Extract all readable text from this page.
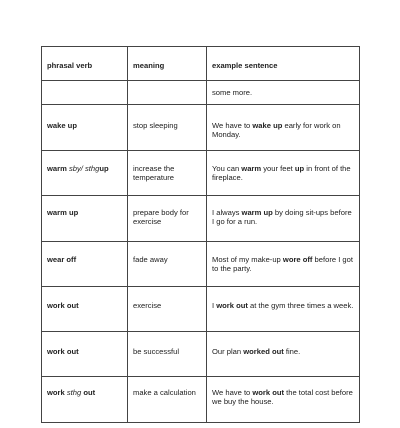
phrasal verb	meaning	example sentence
		some more.
wake up	stop sleeping	We have to wake up early for work on Monday.
warm sby/ sthgup	increase the temperature	You can warm your feet up in front of the fireplace.
warm up	prepare body for exercise	I always warm up by doing sit-ups before I go for a run.
wear off	fade away	Most of my make-up wore off before I got to the party.
work out	exercise	I work out at the gym three times a week.
work out	be successful	Our plan worked out fine.
work sthg out	make a calculation	We have to work out the total cost before we buy the house.
